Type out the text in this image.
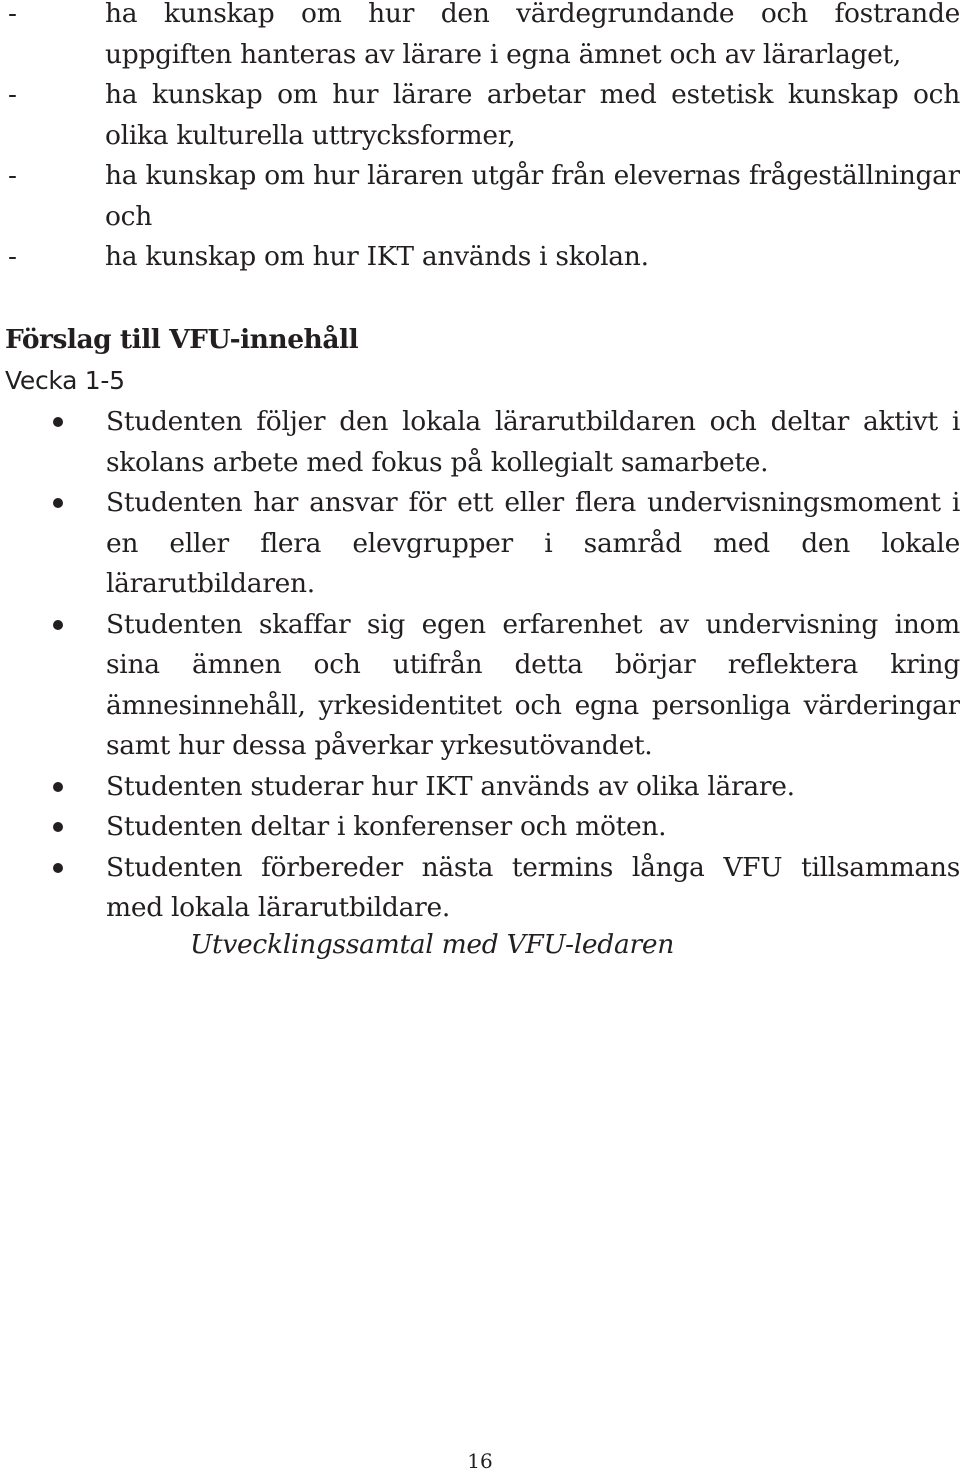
-	ha kunskap om hur den värdegrundande och fostrande uppgiften hanteras av lärare i egna ämnet och av lärarlaget,
-	ha kunskap om hur lärare arbetar med estetisk kunskap och olika kulturella uttrycksformer,
-	ha kunskap om hur läraren utgår från elevernas frågeställningar och
-	ha kunskap om hur IKT används i skolan.
Förslag till VFU-innehåll
Vecka 1-5
Studenten följer den lokala lärarutbildaren och deltar aktivt i skolans arbete med fokus på kollegialt samarbete.
Studenten har ansvar för ett eller flera undervisningsmoment i en eller flera elevgrupper i samråd med den lokale lärarutbildaren.
Studenten skaffar sig egen erfarenhet av undervisning inom sina ämnen och utifrån detta börjar reflektera kring ämnesinnehåll, yrkesidentitet och egna personliga värderingar samt hur dessa påverkar yrkesutövandet.
Studenten studerar hur IKT används av olika lärare.
Studenten deltar i konferenser och möten.
Studenten förbereder nästa termins långa VFU tillsammans med lokala lärarutbildare.
Utvecklingssamtal med VFU-ledaren
16
